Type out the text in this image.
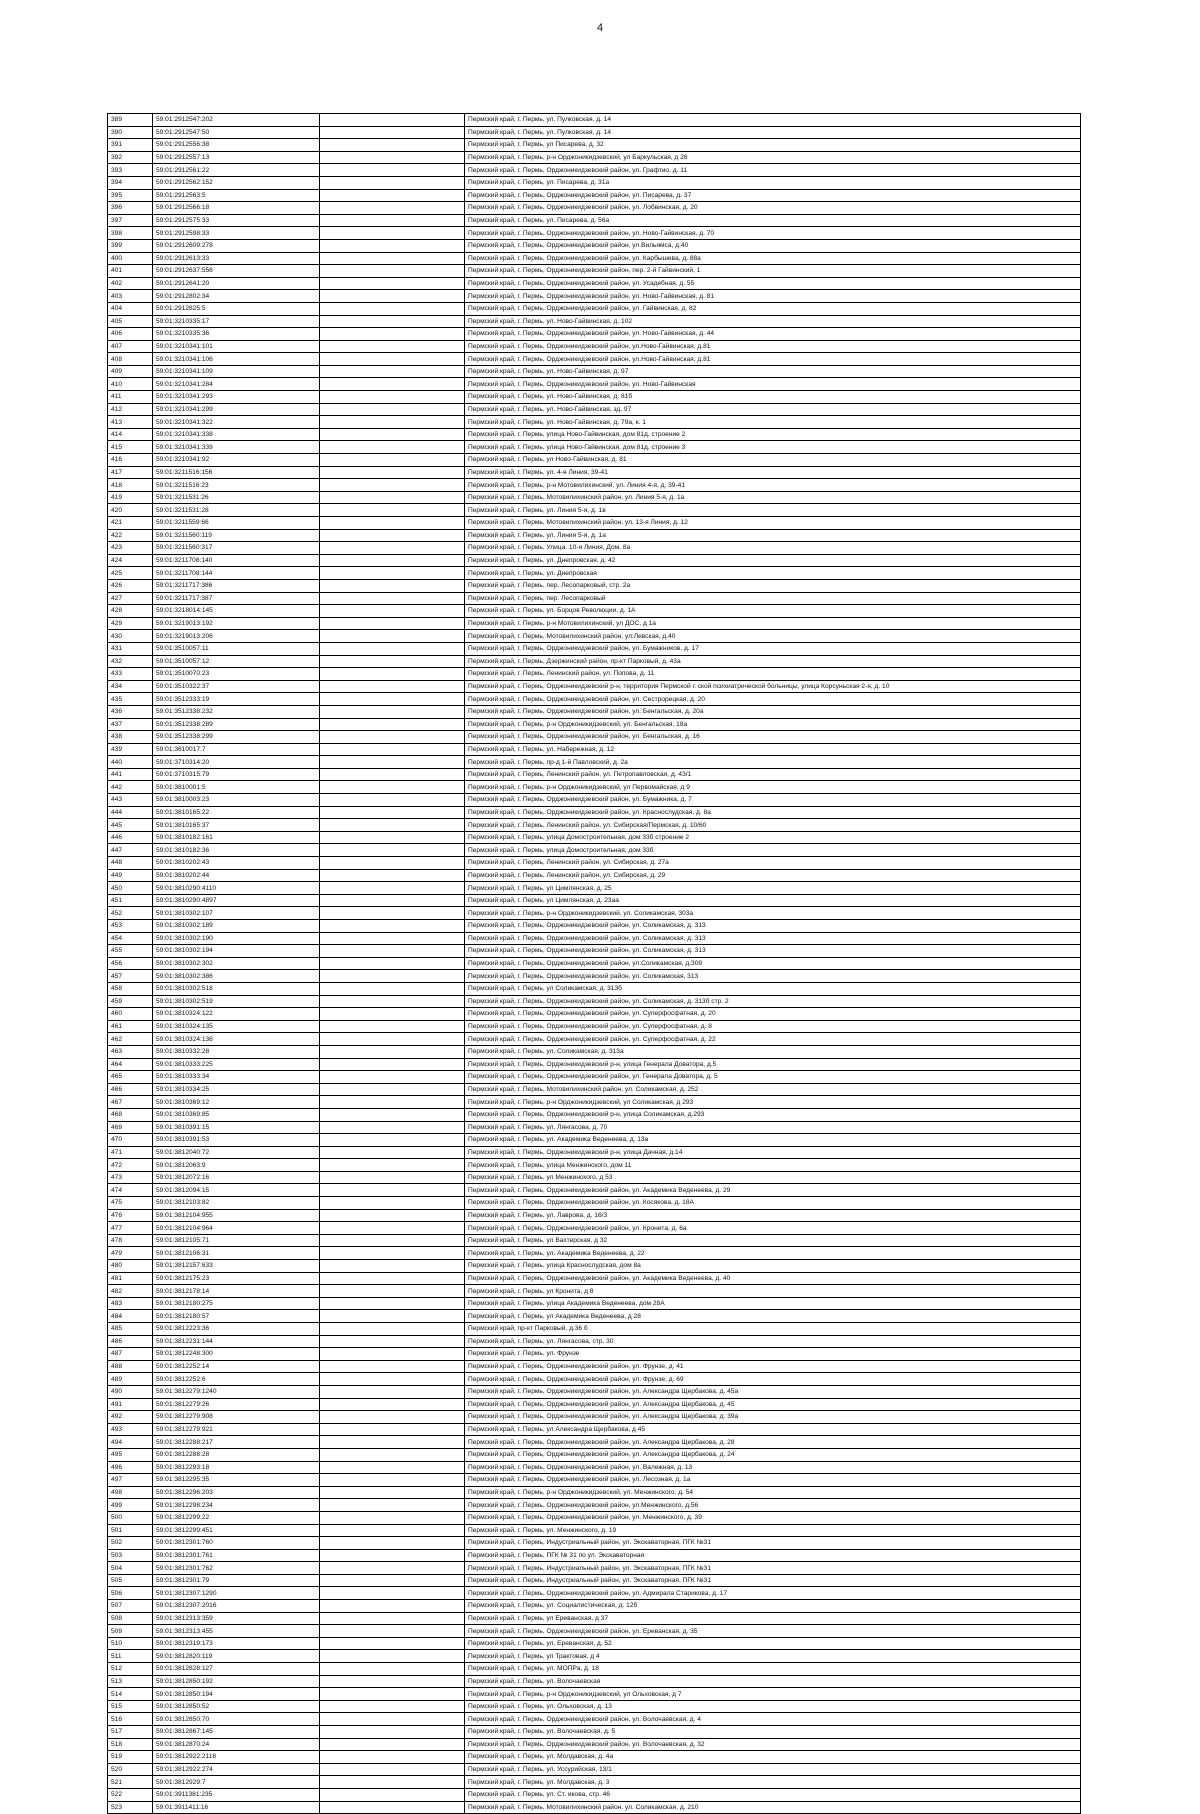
4
389	59:01:2912547:202		Пермский край, г. Пермь, ул. Пулковская, д. 14
390	59:01:2912547:50		Пермский край, г. Пермь, ул. Пулковская, д. 14
391	59:01:2912556:38		Пермский край, г. Пермь, ул Писарева, д. 32
392	59:01:2912557:13		Пермский край, г. Пермь, р-н Орджоникидзевский, ул Баркульская, д 26
393	59:01:2912561:22		Пермский край, г. Пермь, Орджоникидзевский район, ул. Графтио, д. 11
394	59:01:2912562:152		Пермский край, г. Пермь, ул. Писарева, д. 31а
395	59:01:2912563:5		Пермский край, г. Пермь, Орджоникидзевский район, ул. Писарева, д. 37
396	59:01:2912566:18		Пермский край, г. Пермь, Орджоникидзевский район, ул. Лобвинская, д. 20
397	59:01:2912575:33		Пермский край, г. Пермь, ул. Писарева, д. 56а
398	59:01:2912598:33		Пермский край, г. Пермь, Орджоникидзевский район, ул. Ново-Гайвинская, д. 70
399	59:01:2912609:278		Пермский край, г. Пермь, Орджоникидзевский район, ул.Вильямса, д.40
400	59:01:2912613:33		Пермский край, г. Пермь, Орджоникидзевский район, ул. Карбышева, д. 88а
401	59:01:2912637:556		Пермский край, г. Пермь, Орджоникидзевский район, пер. 2-й Гайвинский, 1
402	59:01:2912641:20		Пермский край, г. Пермь, Орджоникидзевский район, ул. Усадебная, д. 55
403	59:01:2912802:34		Пермский край, г. Пермь, Орджоникидзевский район, ул. Ново-Гайвинская, д. 81
404	59:01:2912825:5		Пермский край, г. Пермь, Орджоникидзевский район, ул. Гайвинская, д. 82
405	59:01:3210335:17		Пермский край, г. Пермь, ул. Ново-Гайвинская, д. 102
406	59:01:3210335:36		Пермский край, г. Пермь, Орджоникидзевский район, ул. Ново-Гайвинская, д. 44
407	59:01:3210341:101		Пермский край, г. Пермь, Орджоникидзевский район, ул.Ново-Гайвинская, д.81
408	59:01:3210341:106		Пермский край, г. Пермь, Орджоникидзевский район, ул.Ново-Гайвинская, д.81
409	59:01:3210341:109		Пермский край, г. Пермь, ул. Ново-Гайвинская, д. 97
410	59:01:3210341:284		Пермский край, г. Пермь, Орджоникидзевский район, ул. Ново-Гайвинская
411	59:01:3210341:293		Пермский край, г. Пермь, ул. Ново-Гайвинская, д. 81б
412	59:01:3210341:299		Пермский край, г. Пермь, ул. Ново-Гайвинская, зд. 97
413	59:01:3210341:322		Пермский край, г. Пермь, ул. Ново-Гайвинская, д. 79а, к. 1
414	59:01:3210341:338		Пермский край, г. Пермь, улица Ново-Гайвинская, дом 81д, строение 2
415	59:01:3210341:339		Пермский край, г. Пермь, улица Ново-Гайвинская, дом 81д, строение 3
416	59:01:3210341:92		Пермский край, г. Пермь, ул Ново-Гайвинская, д. 81
417	59:01:3211516:156		Пермский край, г. Пермь, ул. 4-я Линия, 39-41
418	59:01:3211516:23		Пермский край, г. Пермь, р-н Мотовилихинский, ул. Линия 4-я, д. 39-41
419	59:01:3211531:26		Пермский край, г. Пермь, Мотовилихинский район, ул. Линия 5-я, д. 1а
420	59:01:3211531:28		Пермский край, г. Пермь, ул. Линия 5-я, д. 1в
421	59:01:3211559:66		Пермский край, г. Пермь, Мотовилихинский район, ул. 13-я Линия, д. 12
422	59:01:3211560:119		Пермский край, г. Пермь, ул. Линия 5-я, д. 1а
423	59:01:3211560:317		Пермский край, г. Пермь, Улица. 10-я Линия, Дом. 8а
424	59:01:3211708:140		Пермский край, г. Пермь, ул. Днепровская, д. 42
425	59:01:3211708:144		Пермский край, г. Пермь, ул. Днепровская
426	59:01:3211717:386		Пермский край, г. Пермь, пер. Лесопарковый, стр. 2а
427	59:01:3211717:387		Пермский край, г. Пермь, пер. Лесопарковый
428	59:01:3218014:145		Пермский край, г. Пермь, ул. Борцов Революции, д. 1А
429	59:01:3219013:192		Пермский край, г. Пермь, р-н Мотовилихинский, ул ДОС, д 1а
430	59:01:3219013:206		Пермский край, г. Пермь, Мотовилихинский район, ул.Левская, д.40
431	59:01:3510057:11		Пермский край, г. Пермь, Орджоникидзевский район, ул. Бумажников, д. 17
432	59:01:3510057:12		Пермский край, г. Пермь, Дзержинский район, пр-кт Парковый, д. 43а
433	59:01:3510070:23		Пермский край, г. Пермь, Ленинский район, ул. Попова, д. 11
434	59:01:3510322:37		Пермский край, г. Пермь, Орджоникидзевский р-н, территория Пермской г. ской психиатрической больницы, улица Корсуньская 2-я, д. 10
435	59:01:3512333:19		Пермский край, г. Пермь, Орджоникидзевский район, ул. Сестрорецкая, д. 20
436	59:01:3512338:232		Пермский край, г. Пермь, Орджоникидзевский район, ул. Бенгальская, д. 20а
437	59:01:3512338:289		Пермский край, г. Пермь, р-н Орджоникидзевский, ул. Бенгальская, 18а
438	59:01:3512338:299		Пермский край, г. Пермь, Орджоникидзевский район, ул. Бенгальская, д. 16
439	59:01:3610017:7		Пермский край, г. Пермь, ул. Набережная, д. 12
440	59:01:3710314:20		Пермский край, г. Пермь, пр-д 1-й Павловский, д. 2а
441	59:01:3710315:79		Пермский край, г. Пермь, Ленинский район, ул. Петропавловская, д. 43/1
442	59:01:3810001:5		Пермский край, г. Пермь, р-н Орджоникидзевский, ул Первомайская, д 9
443	59:01:3810003:23		Пермский край, г. Пермь, Орджоникидзевский район, ул. Бумажника, д. 7
444	59:01:3810165:22		Пермский край, г. Пермь, Орджоникидзевский район, ул. Краснослудская, д. 8а
445	59:01:3810165:37		Пермский край, г. Пермь, Ленинский район, ул. Сибирская/Пермская, д. 10/60
446	59:01:3810182:161		Пермский край, г. Пермь, улица Домостроительная, дом 33б строение 2
447	59:01:3810182:36		Пермский край, г. Пермь, улица Домостроительная, дом 33б
448	59:01:3810202:43		Пермский край, г. Пермь, Ленинский район, ул. Сибирская, д. 27а
449	59:01:3810202:44		Пермский край, г. Пермь, Ленинский район, ул. Сибирская, д. 29
450	59:01:3810290:4110		Пермский край, г. Пермь, ул Цимлянская, д. 25
451	59:01:3810290:4897		Пермский край, г. Пермь, ул Цимлянская, д. 23аа
452	59:01:3810302:107		Пермский край, г. Пермь, р-н Орджоникидзевский, ул. Соликамская, 303а
453	59:01:3810302:189		Пермский край, г. Пермь, Орджоникидзевский район, ул. Соликамская, д. 313
454	59:01:3810302:190		Пермский край, г. Пермь, Орджоникидзевский район, ул. Соликамская, д. 313
455	59:01:3810302:194		Пермский край, г. Пермь, Орджоникидзевский район, ул. Соликамская, д. 313
456	59:01:3810302:302		Пермский край, г. Пермь, Орджоникидзевский район, ул.Соликамская, д.309
457	59:01:3810302:386		Пермский край, г. Пермь, Орджоникидзевский район, ул. Соликамская, 313
458	59:01:3810302:518		Пермский край, г. Пермь, ул Соликамская, д. 313б
459	59:01:3810302:519		Пермский край, г. Пермь, Орджоникидзевский район, ул. Соликамская, д. 313б стр. 2
460	59:01:3810324:122		Пермский край, г. Пермь, Орджоникидзевский район, ул. Суперфосфатная, д. 20
461	59:01:3810324:135		Пермский край, г. Пермь, Орджоникидзевский район, ул. Суперфосфатная, д. 8
462	59:01:3810324:136		Пермский край, г. Пермь, Орджоникидзевский район, ул. Суперфосфатная, д. 22
463	59:01:3810332:28		Пермский край, г. Пермь, ул. Соликамская, д. 313а
464	59:01:3810333:225		Пермский край, г. Пермь, Орджоникидзевский р-н, улица Генерала Доватора, д.5
465	59:01:3810333:34		Пермский край, г. Пермь, Орджоникидзевский район, ул. Генерала Доватора, д. 5
466	59:01:3810334:25		Пермский край, г. Пермь, Мотовилихинский район, ул. Соликамская, д. 252
467	59:01:3810369:12		Пермский край, г. Пермь, р-н Орджоникидзевский, ул Соликамская, д 293
468	59:01:3810369:85		Пермский край, г. Пермь, Орджоникидзевский р-н, улица Соликамская, д.293
469	59:01:3810391:15		Пермский край, г. Пермь, ул. Лянгасова, д. 70
470	59:01:3810391:53		Пермский край, г. Пермь, ул. Академика Веденеева, д. 13а
471	59:01:3812040:72		Пермский край, г. Пермь, Орджоникидзевский р-н, улица Дачная, д.14
472	59:01:3812063:9		Пермский край, г. Пермь, улица Менжинского, дом 11
473	59:01:3812072:16		Пермский край, г. Пермь, ул Менжинского, д 53
474	59:01:3812094:15		Пермский край, г. Пермь, Орджоникидзевский район, ул. Академика Веденеева, д. 29
475	59:01:3812103:82		Пермский край, г. Пермь, Орджоникидзевский район, ул. Косякова, д. 18А
476	59:01:3812104:955		Пермский край, г. Пермь, ул. Лаврова, д. 16/3
477	59:01:3812104:964		Пермский край, г. Пермь, Орджоникидзевский район, ул. Кронита, д. 6а
478	59:01:3812105:71		Пермский край, г. Пермь, ул Вахтерская, д 32
479	59:01:3812106:31		Пермский край, г. Пермь, ул. Академика Веденеева, д. 22
480	59:01:3812157:633		Пермский край, г. Пермь, улица Краснослудская, дом 8а
481	59:01:3812175:23		Пермский край, г. Пермь, Орджоникидзевский район, ул. Академика Веденеева, д. 40
482	59:01:3812178:14		Пермский край, г. Пермь, ул Кронита, д 8
483	59:01:3812180:275		Пермский край, г. Пермь, улица Академика Веденеева, дом 28А
484	59:01:3812180:57		Пермский край, г. Пермь, ул Академика Веденеева, д 28
485	59:01:3812223:36		Пермский край, пр-кт Парковый, д.36 б
486	59:01:3812231:144		Пермский край, г. Пермь, ул. Лянгасова, стр. 30
487	59:01:3812248:300		Пермский край, г. Пермь, ул. Фрунзе
488	59:01:3812252:14		Пермский край, г. Пермь, Орджоникидзевский район, ул. Фрунзе, д. 41
489	59:01:3812252:6		Пермский край, г. Пермь, Орджоникидзевский район, ул. Фрунзе, д. 69
490	59:01:3812279:1240		Пермский край, г. Пермь, Орджоникидзевский район, ул. Александра Щербакова, д. 45а
491	59:01:3812279:26		Пермский край, г. Пермь, Орджоникидзевский район, ул. Александра Щербакова, д. 45
492	59:01:3812279:908		Пермский край, г. Пермь, Орджоникидзевский район, ул. Александра Щербакова, д. 39а
493	59:01:3812279:921		Пермский край, г. Пермь, ул Александра Щербакова, д 45
494	59:01:3812288:217		Пермский край, г. Пермь, Орджоникидзевский район, ул. Александра Щербакова, д. 28
495	59:01:3812288:28		Пермский край, г. Пермь, Орджоникидзевский район, ул. Александра Щербакова, д. 24
496	59:01:3812293:18		Пермский край, г. Пермь, Орджоникидзевский район, ул. Валежная, д. 13
497	59:01:3812295:35		Пермский край, г. Пермь, Орджоникидзевский район, ул. Лесозная, д. 1а
498	59:01:3812296:203		Пермский край, г. Пермь, р-н Орджоникидзевский, ул. Менжинского, д. 54
499	59:01:3812298:234		Пермский край, г. Пермь, Орджоникидзевский район, ул.Менжинского, д.56
500	59:01:3812299:22		Пермский край, г. Пермь, Орджоникидзевский район, ул. Менжинского, д. 39
501	59:01:3812299:451		Пермский край, г. Пермь, ул. Менжинского, д. 19
502	59:01:3812301:760		Пермский край, г. Пермь, Индустриальный район, ул. Экскаваторная, ПГК №31
503	59:01:3812301:761		Пермский край, г. Пермь, ПГК № 31 по ул. Экскаваторная
504	59:01:3812301:762		Пермский край, г. Пермь, Индустриальный район, ул. Экскаваторная, ПГК №31
505	59:01:3812301:79		Пермский край, г. Пермь, Индустриальный район, ул. Экскаваторная, ПГК №31
506	59:01:3812307:1290		Пермский край, г. Пермь, Орджоникидзевский район, ул. Адмирала Старикова, д. 17
507	59:01:3812307:2016		Пермский край, г. Пермь, ул. Социалистическая, д. 12б
508	59:01:3812313:359		Пермский край, г. Пермь, ул Ереванская, д 37
509	59:01:3812313:455		Пермский край, г. Пермь, Орджоникидзевский район, ул. Ереванская, д. 35
510	59:01:3812319:173		Пермский край, г. Пермь, ул. Ереванская, д. 52
511	59:01:3812820:119		Пермский край, г. Пермь, ул Трактовая, д 4
512	59:01:3812828:127		Пермский край, г. Пермь, ул. МОПРа, д. 18
513	59:01:3812850:192		Пермский край, г. Пермь, ул. Волочаевская
514	59:01:3812850:194		Пермский край, г. Пермь, р-н Орджоникидзевский, ул Ольховская, д 7
515	59:01:3812850:52		Пермский край, г. Пермь, ул. Ольховская, д. 13
516	59:01:3812850:70		Пермский край, г. Пермь, Орджоникидзевский район, ул. Волочаевская, д. 4
517	59:01:3812867:145		Пермский край, г. Пермь, ул. Волочаевская, д. 5
518	59:01:3812870:24		Пермский край, г. Пермь, Орджоникидзевский район, ул. Волочаевская, д. 32
519	59:01:3812922:2118		Пермский край, г. Пермь, ул. Молдавская, д. 4а
520	59:01:3812922:274		Пермский край, г. Пермь, ул. Уссурийская, 13/1
521	59:01:3812929:7		Пермский край, г. Пермь, ул. Молдавская, д. 3
522	59:01:3911381:235		Пермский край, г. Пермь, ул. Ст. икова, стр. 46
523	59:01:3911411:16		Пермский край, г. Пермь, Мотовилихинский район, ул. Соликамская, д. 210
